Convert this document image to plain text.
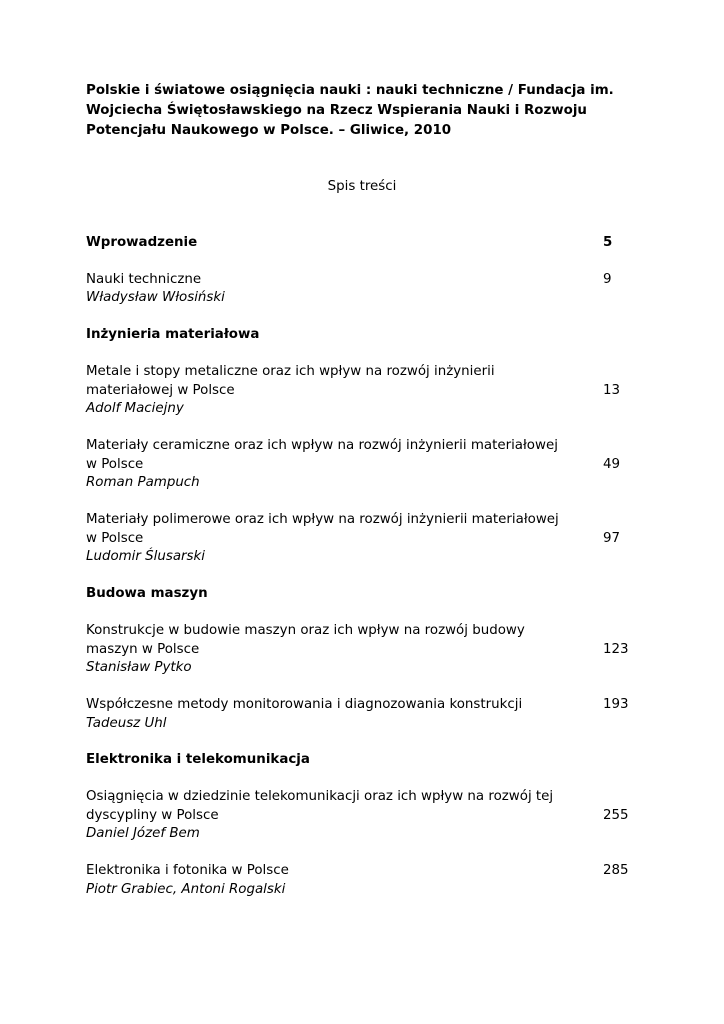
Polskie i światowe osiągnięcia nauki : nauki techniczne / Fundacja im.
Wojciecha Świętosławskiego na Rzecz Wspierania Nauki i Rozwoju
Potencjału Naukowego w Polsce. – Gliwice, 2010
Spis treści
Wprowadzenie	5
Nauki techniczne
Władysław Włosiński
9
Inżynieria materiałowa
Metale i stopy metaliczne oraz ich wpływ na rozwój inżynierii
materiałowej w Polsce
Adolf Maciejny
13
Materiały ceramiczne oraz ich wpływ na rozwój inżynierii materiałowej
w Polsce
Roman Pampuch
49
Materiały polimerowe oraz ich wpływ na rozwój inżynierii materiałowej
w Polsce
Ludomir Ślusarski
97
Budowa maszyn
Konstrukcje w budowie maszyn oraz ich wpływ na rozwój budowy
maszyn w Polsce
Stanisław Pytko
123
Współczesne metody monitorowania i diagnozowania konstrukcji
Tadeusz Uhl
193
Elektronika i telekomunikacja
Osiągnięcia w dziedzinie telekomunikacji oraz ich wpływ na rozwój tej
dyscypliny w Polsce
Daniel Józef Bem
255
Elektronika i fotonika w Polsce
Piotr Grabiec, Antoni Rogalski
285
